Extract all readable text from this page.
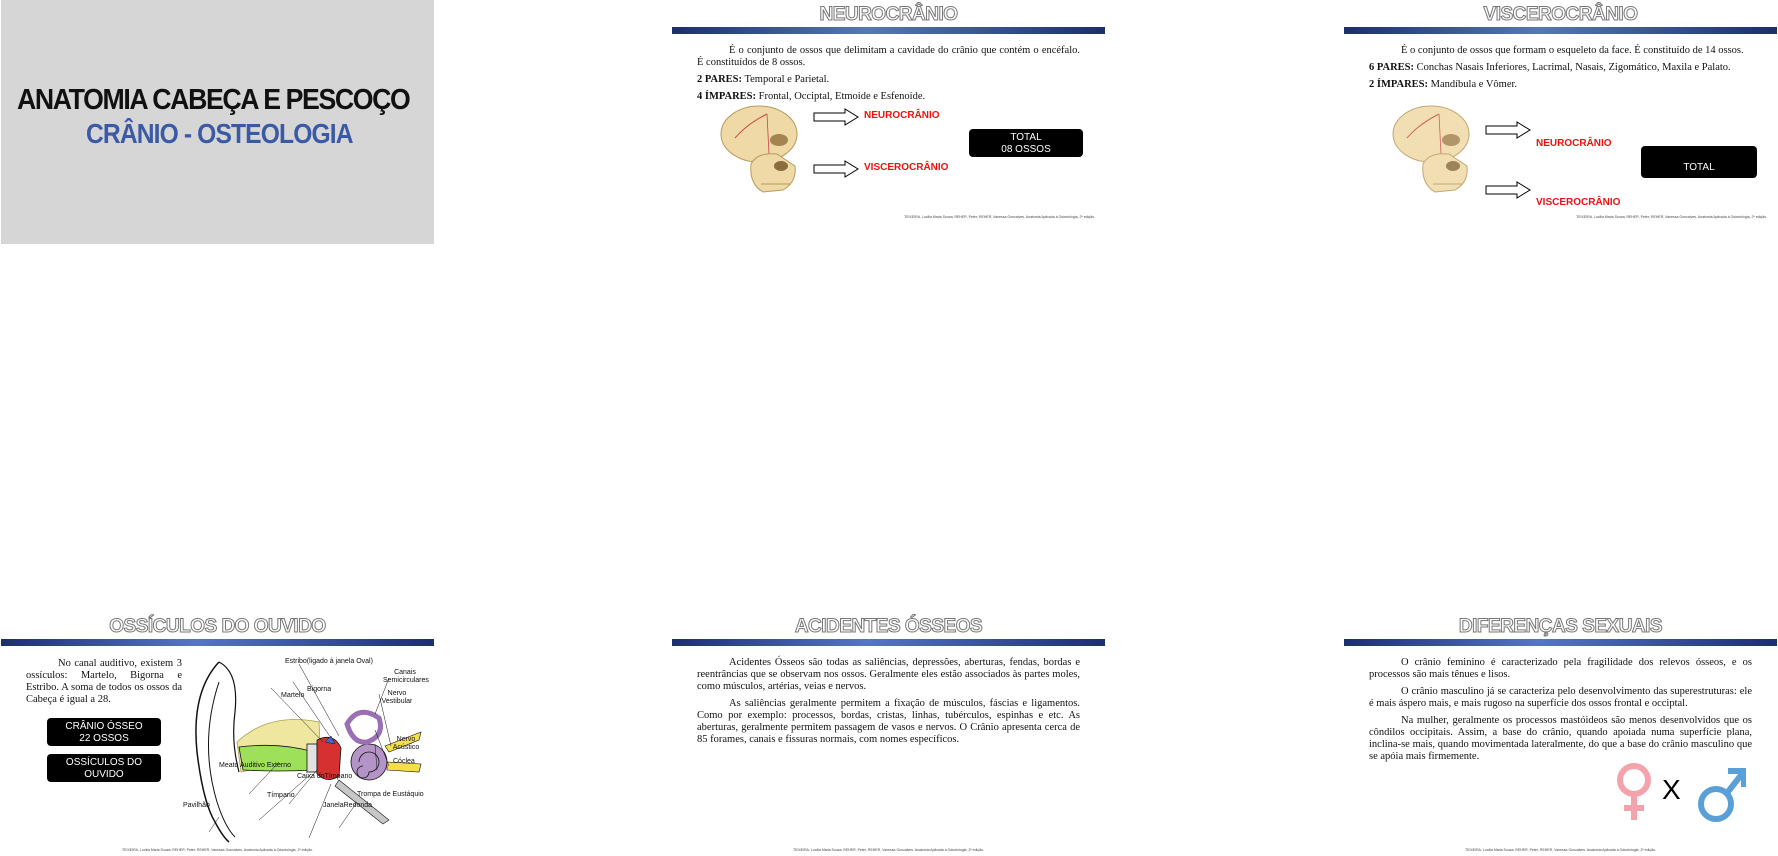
ANATOMIA CABEÇA E PESCOÇO
CRÂNIO - OSTEOLOGIA
NEUROCRÂNIO

É o conjunto de ossos que delimitam a cavidade do crânio que contém o encéfalo. É constituídos de 8 ossos.

2 PARES: Temporal e Parietal.

4 ÍMPARES: Frontal, Occiptal, Etmoide e Esfenoide.

NEUROCRÂNIO
VISCEROCRÂNIO
TOTAL
08 OSSOS
TEIXEIRA, Lucilia Maria Souza; REHER, Peter; REHER, Vanessa Goncalves. Anatomia Aplicada à Odontologia, 2ª edição.
VISCEROCRÂNIO

É o conjunto de ossos que formam o esqueleto da face. É constituído de 14 ossos.

6 PARES: Conchas Nasais Inferiores, Lacrimal, Nasais, Zigomático, Maxila e Palato.

2 ÍMPARES: Mandíbula e Vômer.

NEUROCRÂNIO
VISCEROCRÂNIO
TOTAL
TEIXEIRA, Lucilia Maria Souza; REHER, Peter; REHER, Vanessa Goncalves. Anatomia Aplicada à Odontologia, 2ª edição.
OSSÍCULOS DO OUVIDO

No canal auditivo, existem 3 ossículos: Martelo, Bigorna e Estribo. A soma de todos os ossos da Cabeça é igual a 28.

CRÂNIO ÓSSEO
22 OSSOS
OSSÍCULOS DO OUVIDO
06 OSSOS
Estribo(ligado à janela Oval)
Canais Semicirculares
Bigorna
Martelo	Nervo Vestibular
Nervo Acústico
Cóclea
Meato Auditivo Externo
Caixa doTímpano
Tímpano	Trompa de Eustáquio
Pavilhão	JanelaRedonda
TEIXEIRA, Lucilia Maria Souza; REHER, Peter; REHER, Vanessa Goncalves. Anatomia Aplicada à Odontologia, 2ª edição.
ACIDENTES ÓSSEOS

Acidentes Ósseos são todas as saliências, depressões, aberturas, fendas, bordas e reentrâncias que se observam nos ossos. Geralmente eles estão associados às partes moles, como músculos, artérias, veias e nervos.

As saliências geralmente permitem a fixação de músculos, fáscias e ligamentos. Como por exemplo: processos, bordas, cristas, linhas, tubérculos, espinhas e etc. As aberturas, geralmente permitem passagem de vasos e nervos. O Crânio apresenta cerca de 85 forames, canais e fissuras normais, com nomes específicos.

TEIXEIRA, Lucilia Maria Souza; REHER, Peter; REHER, Vanessa Goncalves. Anatomia Aplicada à Odontologia, 2ª edição.
DIFERENÇAS SEXUAIS

O crânio feminino é caracterizado pela fragilidade dos relevos ósseos, e os processos são mais tênues e lisos.

O crânio masculino já se caracteriza pelo desenvolvimento das superestruturas: ele é mais áspero mais, e mais rugoso na superfície dos ossos frontal e occiptal.

Na mulher, geralmente os processos mastóideos são menos desenvolvidos que os côndilos occipitais. Assim, a base do crânio, quando apoiada numa superfície plana, inclina-se mais, quando movimentada lateralmente, do que a base do crânio masculino que se apóia mais firmemente.

X
TEIXEIRA, Lucilia Maria Souza; REHER, Peter; REHER, Vanessa Goncalves. Anatomia Aplicada à Odontologia, 2ª edição.
